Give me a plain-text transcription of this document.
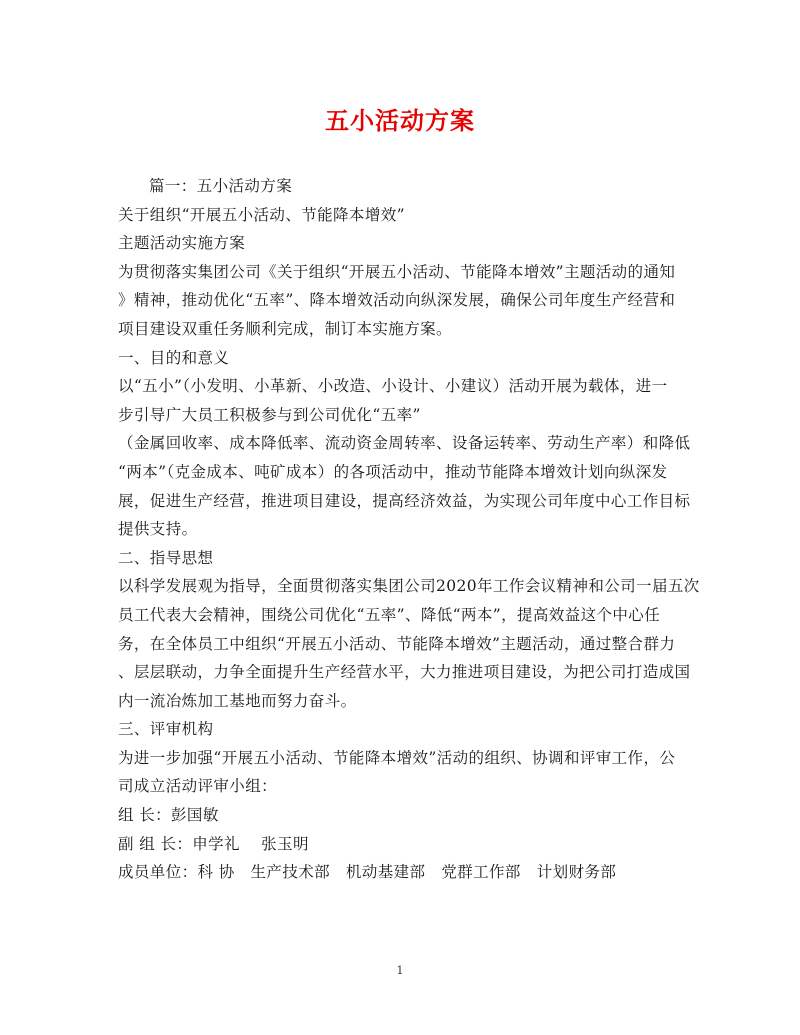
五小活动方案
篇一：五小活动方案
关于组织“开展五小活动、节能降本增效”
主题活动实施方案
为贯彻落实集团公司《关于组织“开展五小活动、节能降本增效”主题活动的通知
》精神，推动优化“五率”、降本增效活动向纵深发展，确保公司年度生产经营和
项目建设双重任务顺利完成，制订本实施方案。
一、目的和意义
以“五小”（小发明、小革新、小改造、小设计、小建议）活动开展为载体，进一
步引导广大员工积极参与到公司优化“五率”
（金属回收率、成本降低率、流动资金周转率、设备运转率、劳动生产率）和降低
“两本”（克金成本、吨矿成本）的各项活动中，推动节能降本增效计划向纵深发
展，促进生产经营，推进项目建设，提高经济效益，为实现公司年度中心工作目标
提供支持。
二、指导思想
以科学发展观为指导，全面贯彻落实集团公司2020年工作会议精神和公司一届五次
员工代表大会精神，围绕公司优化“五率”、降低“两本”，提高效益这个中心任
务，在全体员工中组织“开展五小活动、节能降本增效”主题活动，通过整合群力
、层层联动，力争全面提升生产经营水平，大力推进项目建设，为把公司打造成国
内一流冶炼加工基地而努力奋斗。
三、评审机构
为进一步加强“开展五小活动、节能降本增效”活动的组织、协调和评审工作，公
司成立活动评审小组：
组 长：彭国敏
副 组 长：申学礼　 张玉明
成员单位：科 协　生产技术部　机动基建部　党群工作部　计划财务部
1
